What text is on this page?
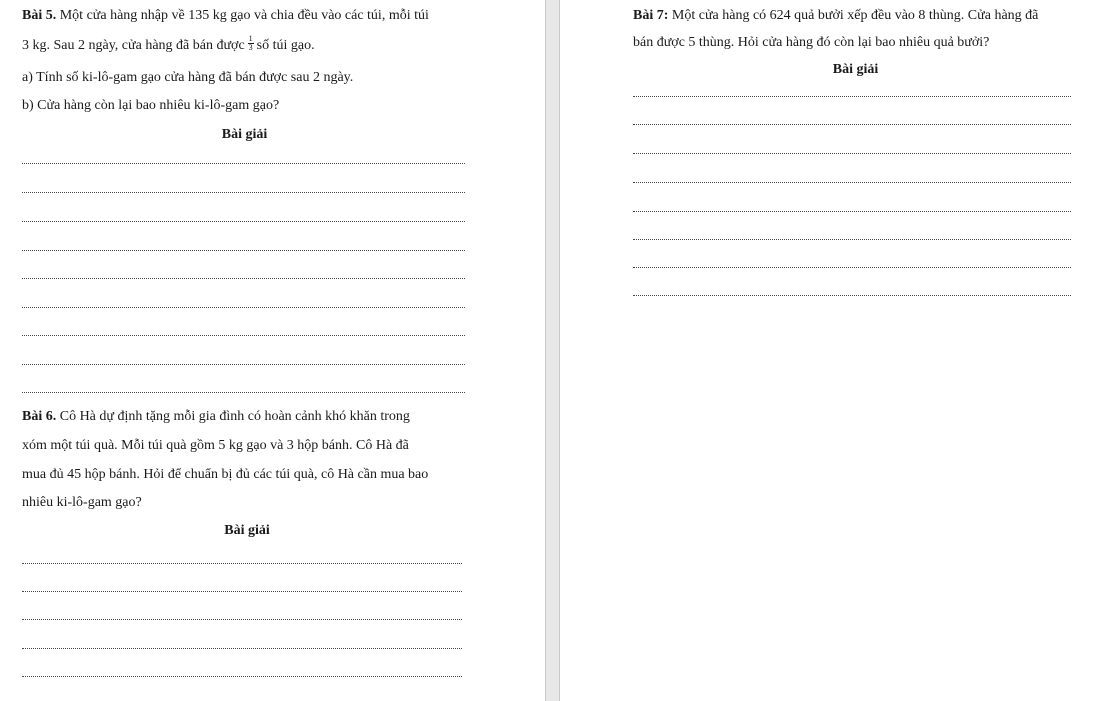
Bài 5. Một cửa hàng nhập về 135 kg gạo và chia đều vào các túi, mỗi túi
3 kg. Sau 2 ngày, cửa hàng đã bán được $\frac{1}{3}$ số túi gạo.
a) Tính số ki-lô-gam gạo cửa hàng đã bán được sau 2 ngày.
b) Cửa hàng còn lại bao nhiêu ki-lô-gam gạo?
Bài giải
Bài 6. Cô Hà dự định tặng mỗi gia đình có hoàn cảnh khó khăn trong
xóm một túi quà. Mỗi túi quà gồm 5 kg gạo và 3 hộp bánh. Cô Hà đã
mua đủ 45 hộp bánh. Hỏi để chuẩn bị đủ các túi quà, cô Hà cần mua bao
nhiêu ki-lô-gam gạo?
Bài giải
Bài 7: Một cửa hàng có 624 quả bưởi xếp đều vào 8 thùng. Cửa hàng đã
bán được 5 thùng. Hỏi cửa hàng đó còn lại bao nhiêu quả bưởi?
Bài giải
